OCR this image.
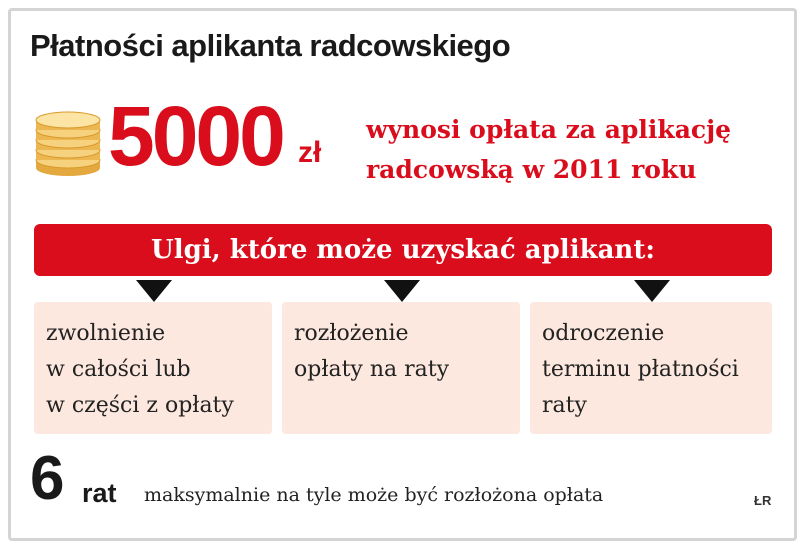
Płatności aplikanta radcowskiego
5000 zł
wynosi opłata za aplikację
radcowską w 2011 roku
Ulgi, które może uzyskać aplikant:
zwolnienie
w całości lub
w części z opłaty
rozłożenie
opłaty na raty
odroczenie
terminu płatności
raty
6 rat maksymalnie na tyle może być rozłożona opłata	ŁR
